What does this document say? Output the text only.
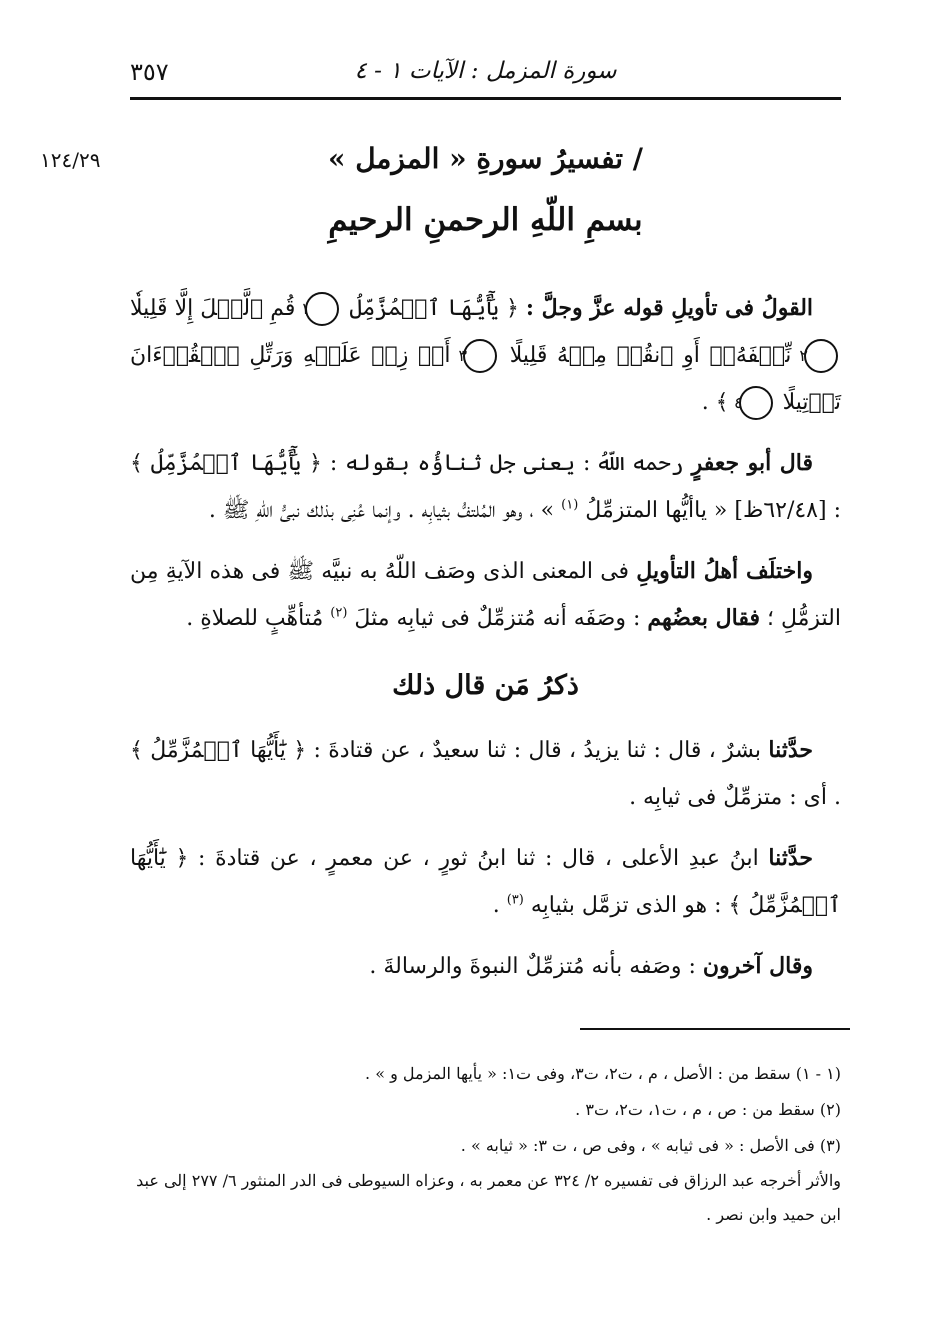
٣٥٧	سورة المزمل : الآيات ١ - ٤
١٢٤/٢٩	/ تفسيرُ سورةِ « المزمل »
بسمِ اللّهِ الرحمنِ الرحيمِ

القولُ فى تأويلِ قوله عزَّ وجلَّ : ﴿ يَٰٓأَيُّهَا ٱلۡمُزَّمِّلُ ١ قُمِ ٱلَّيۡلَ إِلَّا قَلِيلٗا ٢ نِّصۡفَهُۥٓ أَوِ ٱنقُصۡ مِنۡهُ قَلِيلًا ٣ أَوۡ زِدۡ عَلَيۡهِ وَرَتِّلِ ٱلۡقُرۡءَانَ تَرۡتِيلًا ٤ ﴾ .

قال أبو جعفرٍ رحمه اللّهُ : يعنى جل ثناؤُه بقوله : ﴿ يَٰٓأَيُّهَا ٱلۡمُزَّمِّلُ ﴾ : [٦٢/٤٨ظ] « ياأيُّها المتزمِّلُ $^{(١)}$ » ، وهو المُلتفُّ بثيابِه . وإنما عُنِى بذلك نبىُّ اللّهِ ﷺ .

واختلَف أهلُ التأويلِ فى المعنى الذى وصَف اللّهُ به نبيَّه ﷺ فى هذه الآيةِ مِن التزمُّلِ ؛ فقال بعضُهم : وصَفَه أنه مُتزمِّلٌ فى ثيابِه مثلَ $^{(٢)}$ مُتأهِّبٍ للصلاةِ .

ذكرُ مَن قال ذلك

حدَّثنا بشرٌ ، قال : ثنا يزيدُ ، قال : ثنا سعيدٌ ، عن قتادةَ : ﴿ يَٰٓأَيُّهَا ٱلۡمُزَّمِّلُ ﴾ . أى : متزمِّلٌ فى ثيابِه .

حدَّثنا ابنُ عبدِ الأعلى ، قال : ثنا ابنُ ثورٍ ، عن معمرٍ ، عن قتادةَ : ﴿ يَٰٓأَيُّهَا ٱلۡمُزَّمِّلُ ﴾ : هو الذى تزمَّل بثيابِه $^{(٣)}$ .

وقال آخرون : وصَفه بأنه مُتزمِّلٌ النبوةَ والرسالةَ .

(١ - ١) سقط من : الأصل ، م ، ت٢، ت٣، وفى ت١: « يأيها المزمل و » .

(٢) سقط من : ص ، م ، ت١، ت٢، ت٣ .

(٣) فى الأصل : « فى ثيابه » ، وفى ص ، ت ٣: « ثيابه » .

والأثر أخرجه عبد الرزاق فى تفسيره ٢/ ٣٢٤ عن معمر به ، وعزاه السيوطى فى الدر المنثور ٦/ ٢٧٧ إلى عبد ابن حميد وابن نصر .
